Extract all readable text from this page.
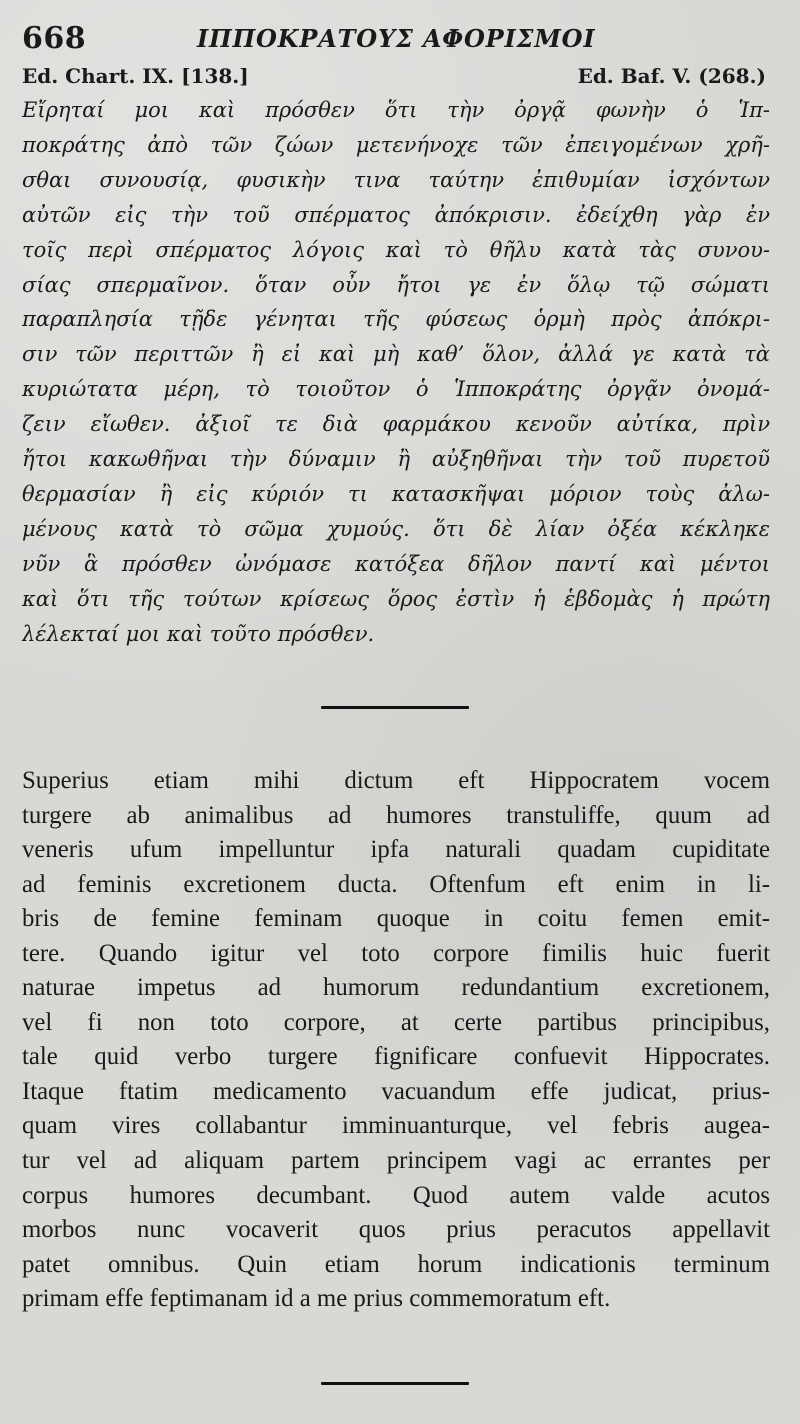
668	ΙΠΠΟΚΡΑΤΟΥΣ ΑΦΟΡΙΣΜΟΙ
Ed. Chart. IX. [138.]	Ed. Baf. V. (268.)
Εἴρηταί μοι καὶ πρόσθεν ὅτι τὴν ὀργᾷ φωνὴν ὁ Ἱπ-
ποκράτης ἀπὸ τῶν ζώων μετενήνοχε τῶν ἐπειγομένων χρῆ-
σθαι συνουσίᾳ, φυσικὴν τινα ταύτην ἐπιθυμίαν ἰσχόντων
αὐτῶν εἰς τὴν τοῦ σπέρματος ἀπόκρισιν. ἐδείχθη γὰρ ἐν
τοῖς περὶ σπέρματος λόγοις καὶ τὸ θῆλυ κατὰ τὰς συνου-
σίας σπερμαῖνον. ὅταν οὖν ἤτοι γε ἐν ὅλῳ τῷ σώματι
παραπλησία τῇδε γένηται τῆς φύσεως ὁρμὴ πρὸς ἀπόκρι-
σιν τῶν περιττῶν ἢ εἰ καὶ μὴ καθ’ ὅλον, ἀλλά γε κατὰ τὰ
κυριώτατα μέρη, τὸ τοιοῦτον ὁ Ἱπποκράτης ὀργᾷν ὀνομά-
ζειν εἴωθεν. ἀξιοῖ τε διὰ φαρμάκου κενοῦν αὐτίκα, πρὶν
ἤτοι κακωθῆναι τὴν δύναμιν ἢ αὐξηθῆναι τὴν τοῦ πυρετοῦ
θερμασίαν ἢ εἰς κύριόν τι κατασκῆψαι μόριον τοὺς ἀλω-
μένους κατὰ τὸ σῶμα χυμούς. ὅτι δὲ λίαν ὀξέα κέκληκε
νῦν ἃ πρόσθεν ὠνόμασε κατόξεα δῆλον παντί καὶ μέντοι
καὶ ὅτι τῆς τούτων κρίσεως ὅρος ἐστὶν ἡ ἑβδομὰς ἡ πρώτη
λέλεκταί μοι καὶ τοῦτο πρόσθεν.
Superius etiam mihi dictum eft Hippocratem vocem
turgere ab animalibus ad humores transtuliffe, quum ad
veneris ufum impelluntur ipfa naturali quadam cupiditate
ad feminis excretionem ducta. Oftenfum eft enim in li-
bris de femine feminam quoque in coitu femen emit-
tere. Quando igitur vel toto corpore fimilis huic fuerit
naturae impetus ad humorum redundantium excretionem,
vel fi non toto corpore, at certe partibus principibus,
tale quid verbo turgere fignificare confuevit Hippocrates.
Itaque ftatim medicamento vacuandum effe judicat, prius-
quam vires collabantur imminuanturque, vel febris augea-
tur vel ad aliquam partem principem vagi ac errantes per
corpus humores decumbant. Quod autem valde acutos
morbos nunc vocaverit quos prius peracutos appellavit
patet omnibus. Quin etiam horum indicationis terminum
primam effe feptimanam id a me prius commemoratum eft.
